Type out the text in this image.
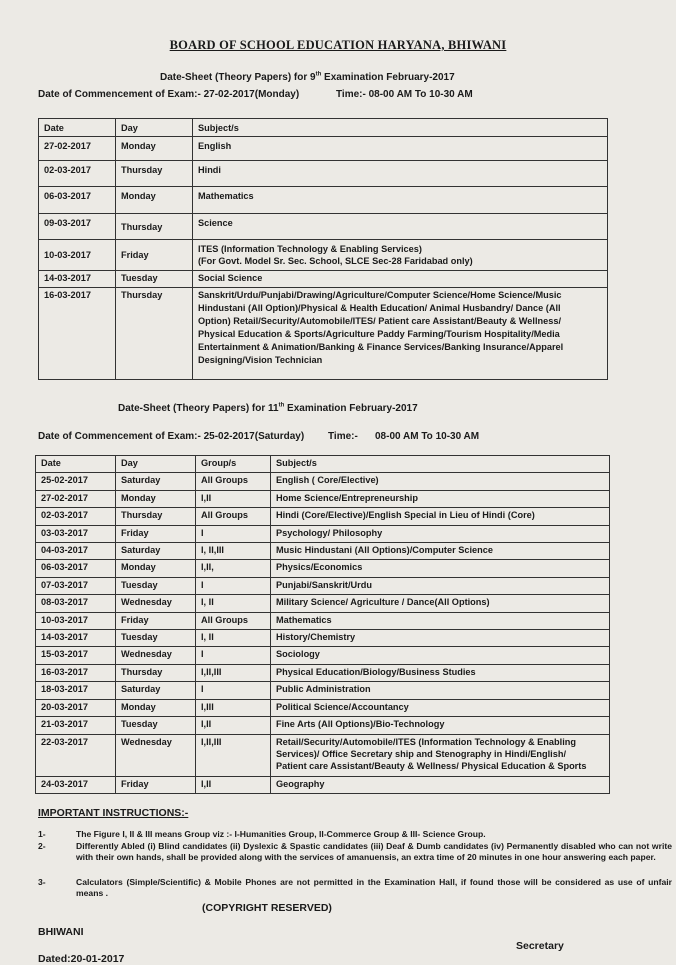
BOARD OF SCHOOL EDUCATION HARYANA, BHIWANI
Date-Sheet (Theory Papers) for 9th Examination February-2017
Date of Commencement of Exam:- 27-02-2017(Monday)	Time:- 08-00 AM To 10-30 AM
Date	Day	Subject/s
27-02-2017	Monday	English
02-03-2017	Thursday	Hindi
06-03-2017	Monday	Mathematics
09-03-2017	Thursday	Science
10-03-2017	Friday	ITES (Information Technology & Enabling Services)
(For Govt. Model Sr. Sec. School, SLCE Sec-28 Faridabad only)

14-03-2017	Tuesday	Social Science
16-03-2017	Thursday	Sanskrit/Urdu/Punjabi/Drawing/Agriculture/Computer Science/Home Science/Music Hindustani (All Option)/Physical & Health Education/ Animal Husbandry/ Dance (All Option) Retail/Security/Automobile/ITES/ Patient care Assistant/Beauty & Wellness/ Physical Education & Sports/Agriculture Paddy Farming/Tourism Hospitality/Media Entertainment & Animation/Banking & Finance Services/Banking Insurance/Apparel Designing/Vision Technician
Date-Sheet (Theory Papers) for 11th Examination February-2017
Date of Commencement of Exam:- 25-02-2017(Saturday) Time:- 08-00 AM To 10-30 AM
Date	Day	Group/s	Subject/s
25-02-2017	Saturday	All Groups	English ( Core/Elective)
27-02-2017	Monday	I,II	Home Science/Entrepreneurship
02-03-2017	Thursday	All Groups	Hindi (Core/Elective)/English Special in Lieu of Hindi (Core)
03-03-2017	Friday	I	Psychology/ Philosophy
04-03-2017	Saturday	I, II,III	Music Hindustani (All Options)/Computer Science
06-03-2017	Monday	I,II,	Physics/Economics
07-03-2017	Tuesday	I	Punjabi/Sanskrit/Urdu
08-03-2017	Wednesday	I, II	Military Science/ Agriculture / Dance(All Options)
10-03-2017	Friday	All Groups	Mathematics
14-03-2017	Tuesday	I, II	History/Chemistry
15-03-2017	Wednesday	I	Sociology
16-03-2017	Thursday	I,II,III	Physical Education/Biology/Business Studies
18-03-2017	Saturday	I	Public Administration
20-03-2017	Monday	I,III	Political Science/Accountancy
21-03-2017	Tuesday	I,II	Fine Arts (All Options)/Bio-Technology
22-03-2017	Wednesday	I,II,III	Retail/Security/Automobile/ITES (Information Technology & Enabling Services)/ Office Secretary ship and Stenography in Hindi/English/ Patient care Assistant/Beauty & Wellness/ Physical Education & Sports
24-03-2017	Friday	I,II	Geography
IMPORTANT INSTRUCTIONS:-
1-	The Figure I, II & III means Group viz :- I-Humanities Group, II-Commerce Group & III- Science Group.
2-	Differently Abled (i) Blind candidates (ii) Dyslexic & Spastic candidates (iii) Deaf & Dumb candidates (iv) Permanently disabled who can not write with their own hands, shall be provided along with the services of amanuensis, an extra time of 20 minutes in one hour answering each paper.
3-	Calculators (Simple/Scientific) & Mobile Phones are not permitted in the Examination Hall, if found those will be considered as use of unfair means .
(COPYRIGHT RESERVED)
BHIWANI
Secretary
Dated:20-01-2017
